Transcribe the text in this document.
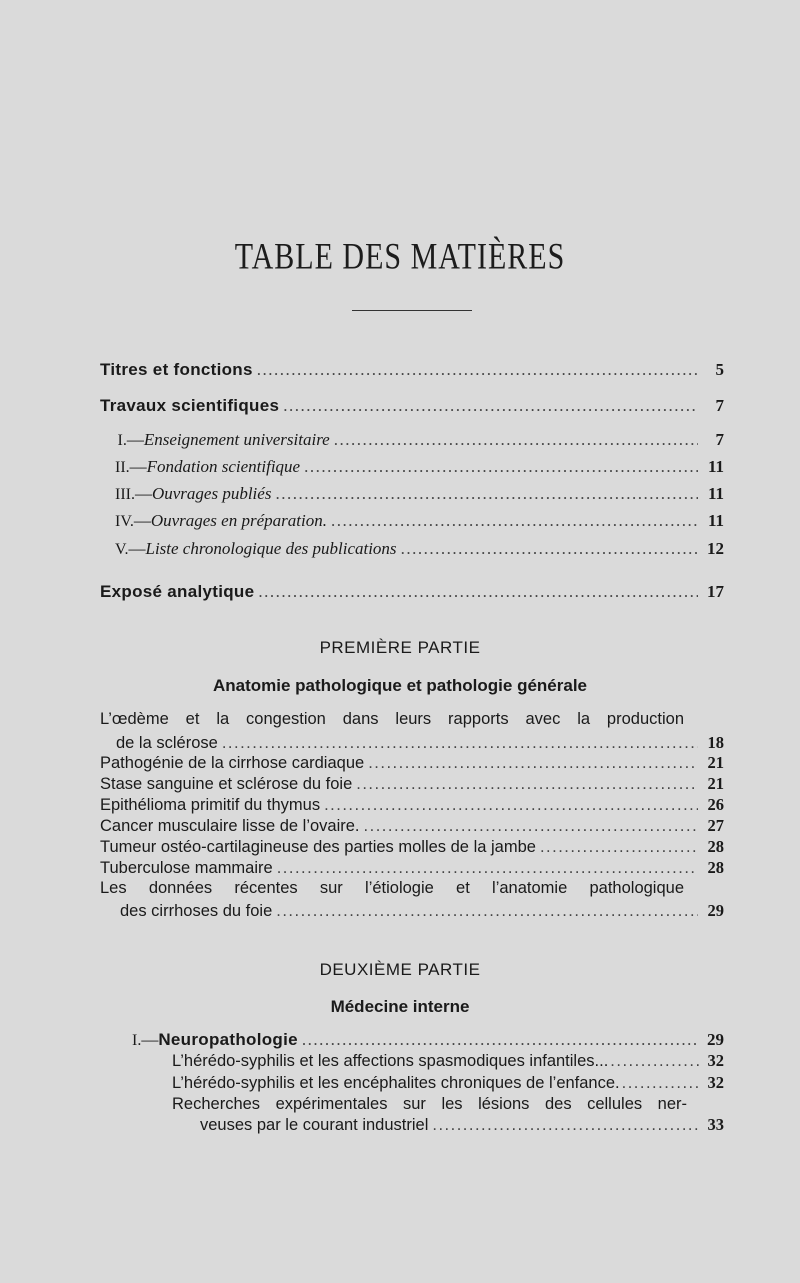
TABLE DES MATIÈRES
Titres et fonctions .....	5
Travaux scientifiques .....	7
I. — Enseignement universitaire .....	7
II. — Fondation scientifique .....	11
III. — Ouvrages publiés .....	11
IV. — Ouvrages en préparation. .....	11
V. — Liste chronologique des publications .....	12
Exposé analytique .....	17
PREMIÈRE PARTIE
Anatomie pathologique et pathologie générale
L’œdème et la congestion dans leurs rapports avec la production
de la sclérose .....	18
Pathogénie de la cirrhose cardiaque .....	21
Stase sanguine et sclérose du foie .....	21
Epithélioma primitif du thymus .....	26
Cancer musculaire lisse de l’ovaire. .....	27
Tumeur ostéo-cartilagineuse des parties molles de la jambe .....	28
Tuberculose mammaire .....	28
Les données récentes sur l’étiologie et l’anatomie pathologique
des cirrhoses du foie .....	29
DEUXIÈME PARTIE
Médecine interne
I. — Neuropathologie .....	29
L’hérédo-syphilis et les affections spasmodiques infantiles... .....	32
L’hérédo-syphilis et les encéphalites chroniques de l’enfance. .....	32
Recherches expérimentales sur les lésions des cellules ner-
veuses par le courant industriel .....	33
